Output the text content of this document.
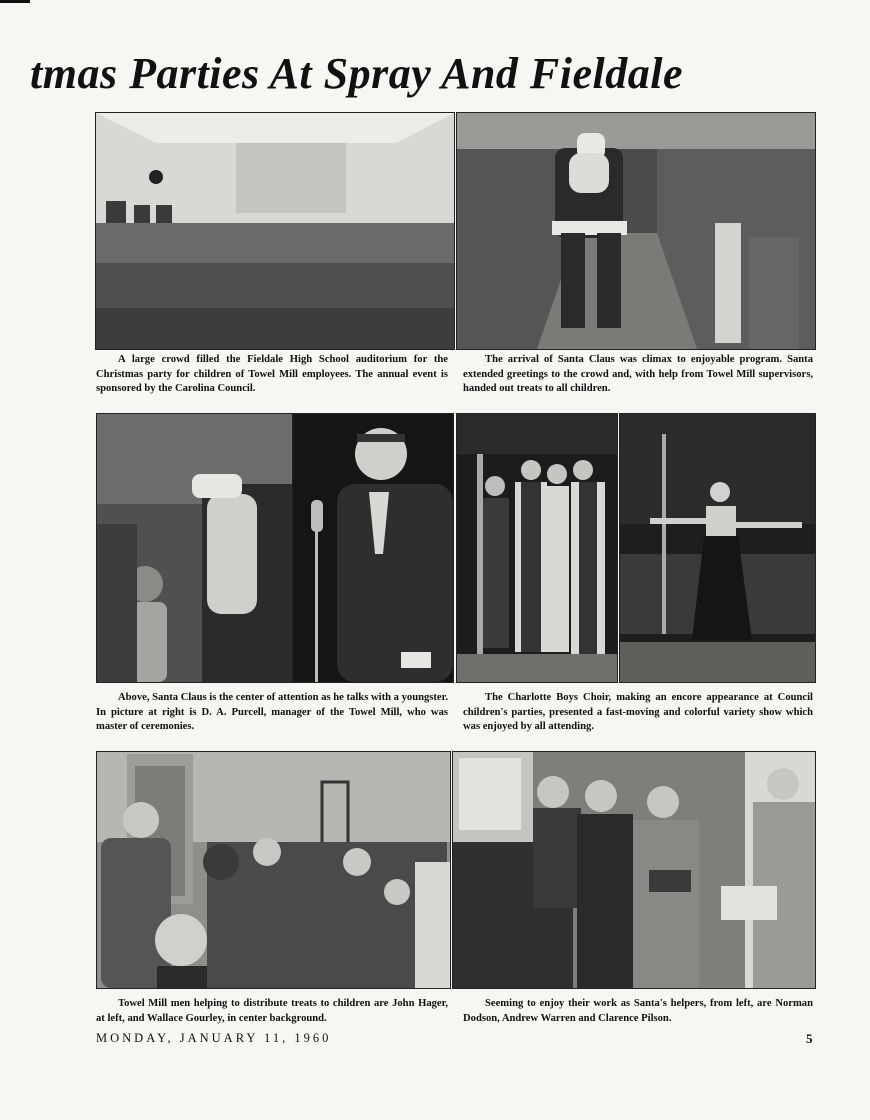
tmas Parties At Spray And Fieldale
A large crowd filled the Fieldale High School auditorium for the Christmas party for children of Towel Mill employees. The annual event is sponsored by the Carolina Council.
The arrival of Santa Claus was climax to enjoyable program. Santa extended greetings to the crowd and, with help from Towel Mill supervisors, handed out treats to all children.
Above, Santa Claus is the center of attention as he talks with a youngster. In picture at right is D. A. Purcell, manager of the Towel Mill, who was master of ceremonies.
The Charlotte Boys Choir, making an encore appearance at Council children's parties, presented a fast-moving and colorful variety show which was enjoyed by all attending.
Towel Mill men helping to distribute treats to children are John Hager, at left, and Wallace Gourley, in center background.
Seeming to enjoy their work as Santa's helpers, from left, are Norman Dodson, Andrew Warren and Clarence Pilson.
MONDAY, JANUARY 11, 1960	5
